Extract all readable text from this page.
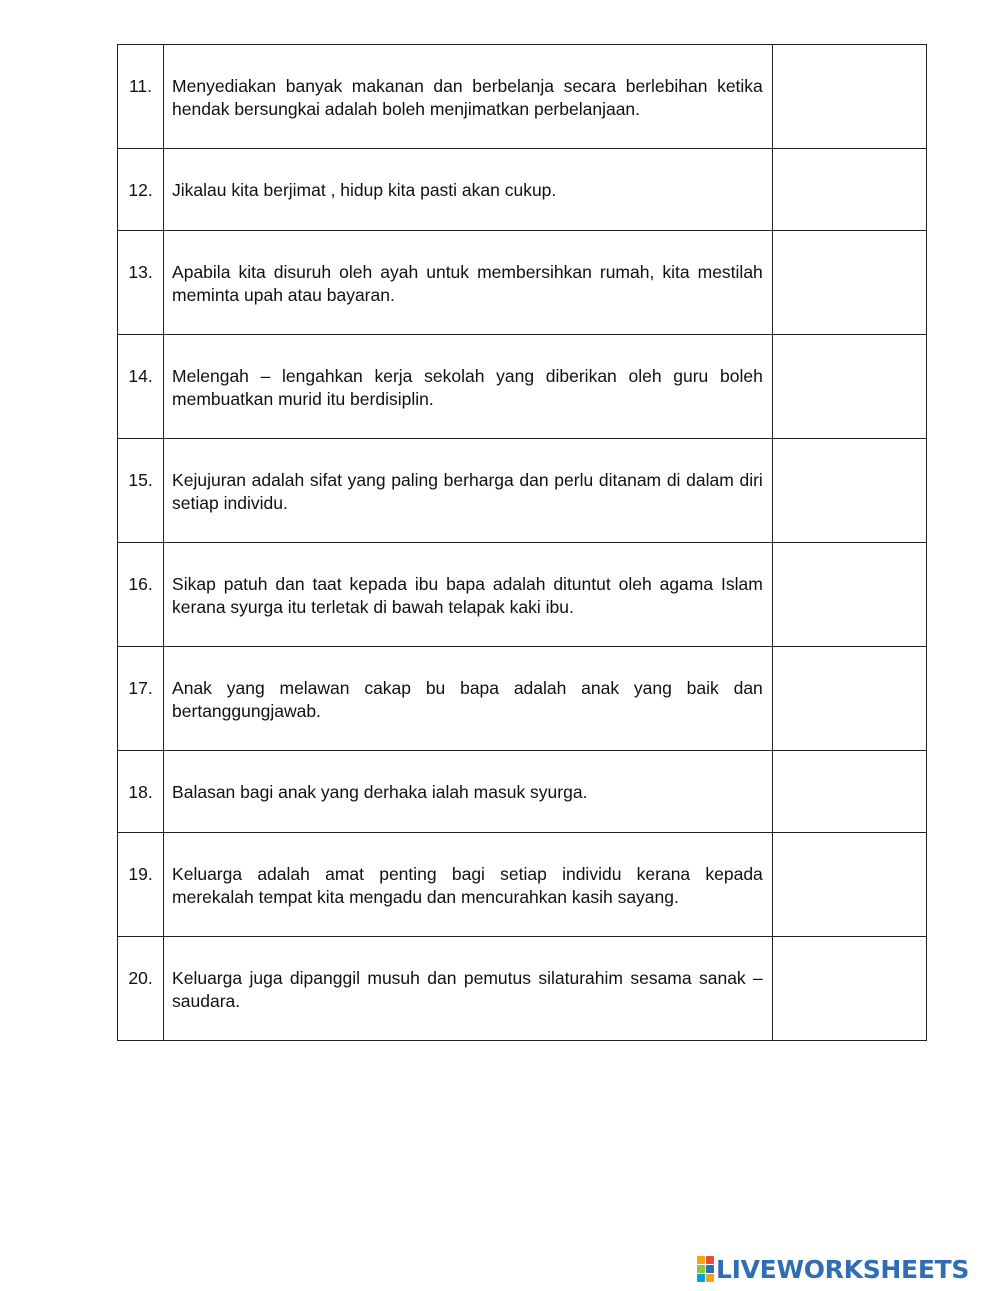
11.	Menyediakan banyak makanan dan berbelanja secara berlebihan ketika hendak bersungkai adalah boleh menjimatkan perbelanjaan.	
12.	Jikalau kita berjimat , hidup kita pasti akan cukup.	
13.	Apabila kita disuruh oleh ayah untuk membersihkan rumah, kita mestilah meminta upah atau bayaran.	
14.	Melengah – lengahkan kerja sekolah yang diberikan oleh guru boleh membuatkan murid itu berdisiplin.	
15.	Kejujuran adalah sifat yang paling berharga dan perlu ditanam di dalam diri setiap individu.	
16.	Sikap patuh dan taat kepada ibu bapa adalah dituntut oleh agama Islam kerana syurga itu terletak di bawah telapak kaki ibu.	
17.	Anak yang melawan cakap bu bapa adalah anak yang baik dan bertanggungjawab.	
18.	Balasan bagi anak yang derhaka ialah masuk syurga.	
19.	Keluarga adalah amat penting bagi setiap individu kerana kepada merekalah tempat kita mengadu dan mencurahkan kasih sayang.	
20.	Keluarga juga dipanggil musuh dan pemutus silaturahim sesama sanak – saudara.	
LIVEWORKSHEETS
